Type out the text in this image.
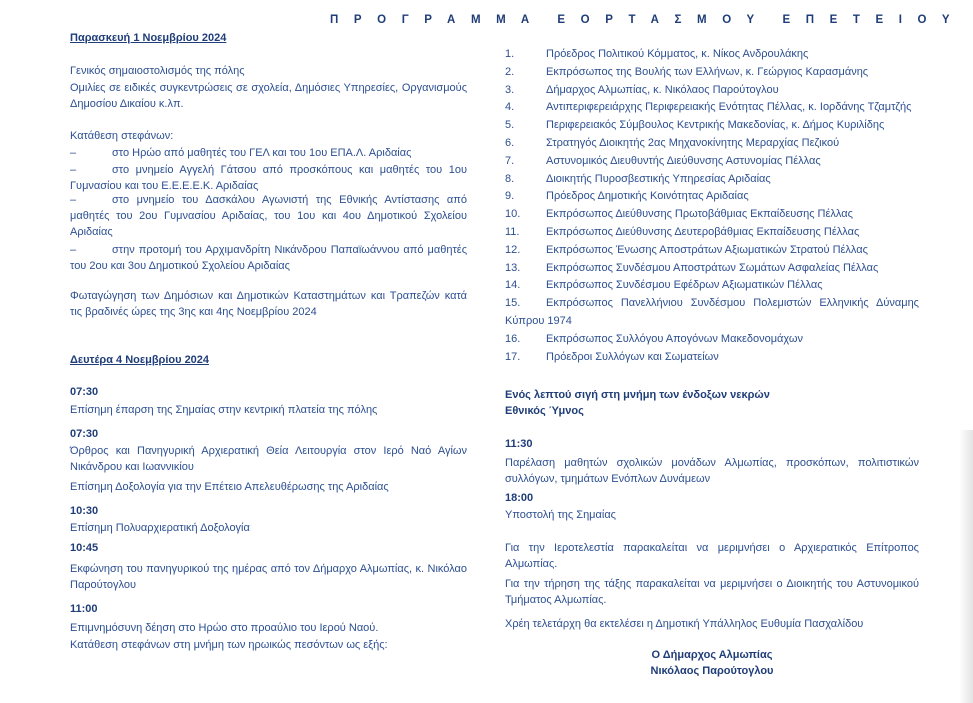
Π Ρ Ο Γ Ρ Α Μ Μ Α Ε Ο Ρ Τ Α Σ Μ Ο Υ Ε Π Ε Τ Ε Ι Ο Υ
Παρασκευή 1 Νοεμβρίου 2024
Γενικός σημαιοστολισμός της πόλης
Ομιλίες σε ειδικές συγκεντρώσεις σε σχολεία, Δημόσιες Υπηρεσίες, Οργανισμούς Δημοσίου Δικαίου κ.λπ.
Κατάθεση στεφάνων:
–	στο Ηρώο από μαθητές του ΓΕΛ και του 1ου ΕΠΑ.Λ. Αριδαίας
–	στο μνημείο Αγγελή Γάτσου από προσκόπους και μαθητές του 1ου Γυμνασίου και του Ε.Ε.Ε.Ε.Κ. Αριδαίας
–	στο μνημείο του Δασκάλου Αγωνιστή της Εθνικής Αντίστασης από μαθητές του 2ου Γυμνασίου Αριδαίας, του 1ου και 4ου Δημοτικού Σχολείου Αριδαίας
–	στην προτομή του Αρχιμανδρίτη Νικάνδρου Παπαϊωάννου από μαθητές του 2ου και 3ου Δημοτικού Σχολείου Αριδαίας
Φωταγώγηση των Δημόσιων και Δημοτικών Καταστημάτων και Τραπεζών κατά τις βραδινές ώρες της 3ης και 4ης Νοεμβρίου 2024
Δευτέρα 4 Νοεμβρίου 2024
07:30
Επίσημη έπαρση της Σημαίας στην κεντρική πλατεία της πόλης
07:30
Όρθρος και Πανηγυρική Αρχιερατική Θεία Λειτουργία στον Ιερό Ναό Αγίων Νικάνδρου και Ιωαννικίου
Επίσημη Δοξολογία για την Επέτειο Απελευθέρωσης της Αριδαίας
10:30
Επίσημη Πολυαρχιερατική Δοξολογία
10:45
Εκφώνηση του πανηγυρικού της ημέρας από τον Δήμαρχο Αλμωπίας, κ. Νικόλαο Παρούτογλου
11:00
Επιμνημόσυνη δέηση στο Ηρώο στο προαύλιο του Ιερού Ναού.
Κατάθεση στεφάνων στη μνήμη των ηρωικώς πεσόντων ως εξής:
1.	Πρόεδρος Πολιτικού Κόμματος, κ. Νίκος Ανδρουλάκης
2.	Εκπρόσωπος της Βουλής των Ελλήνων, κ. Γεώργιος Καρασμάνης
3.	Δήμαρχος Αλμωπίας, κ. Νικόλαος Παρούτογλου
4.	Αντιπεριφερειάρχης Περιφερειακής Ενότητας Πέλλας, κ. Ιορδάνης Τζαμτζής
5.	Περιφερειακός Σύμβουλος Κεντρικής Μακεδονίας, κ. Δήμος Κυριλίδης
6.	Στρατηγός Διοικητής 2ας Μηχανοκίνητης Μεραρχίας Πεζικού
7.	Αστυνομικός Διευθυντής Διεύθυνσης Αστυνομίας Πέλλας
8.	Διοικητής Πυροσβεστικής Υπηρεσίας Αριδαίας
9.	Πρόεδρος Δημοτικής Κοινότητας Αριδαίας
10. Εκπρόσωπος Διεύθυνσης Πρωτοβάθμιας Εκπαίδευσης Πέλλας
11. Εκπρόσωπος Διεύθυνσης Δευτεροβάθμιας Εκπαίδευσης Πέλλας
12. Εκπρόσωπος Ένωσης Αποστράτων Αξιωματικών Στρατού Πέλλας
13. Εκπρόσωπος Συνδέσμου Αποστράτων Σωμάτων Ασφαλείας Πέλλας
14. Εκπρόσωπος Συνδέσμου Εφέδρων Αξιωματικών Πέλλας
15. Εκπρόσωπος Πανελλήνιου Συνδέσμου Πολεμιστών Ελληνικής Δύναμης Κύπρου 1974
16. Εκπρόσωπος Συλλόγου Απογόνων Μακεδονομάχων
17. Πρόεδροι Συλλόγων και Σωματείων
Ενός λεπτού σιγή στη μνήμη των ένδοξων νεκρών
Εθνικός Ύμνος
11:30
Παρέλαση μαθητών σχολικών μονάδων Αλμωπίας, προσκόπων, πολιτιστικών συλλόγων, τμημάτων Ενόπλων Δυνάμεων
18:00
Υποστολή της Σημαίας
Για την Ιεροτελεστία παρακαλείται να μεριμνήσει ο Αρχιερατικός Επίτροπος Αλμωπίας.
Για την τήρηση της τάξης παρακαλείται να μεριμνήσει ο Διοικητής του Αστυνομικού Τμήματος Αλμωπίας.
Χρέη τελετάρχη θα εκτελέσει η Δημοτική Υπάλληλος Ευθυμία Πασχαλίδου
Ο Δήμαρχος Αλμωπίας
Νικόλαος Παρούτογλου
